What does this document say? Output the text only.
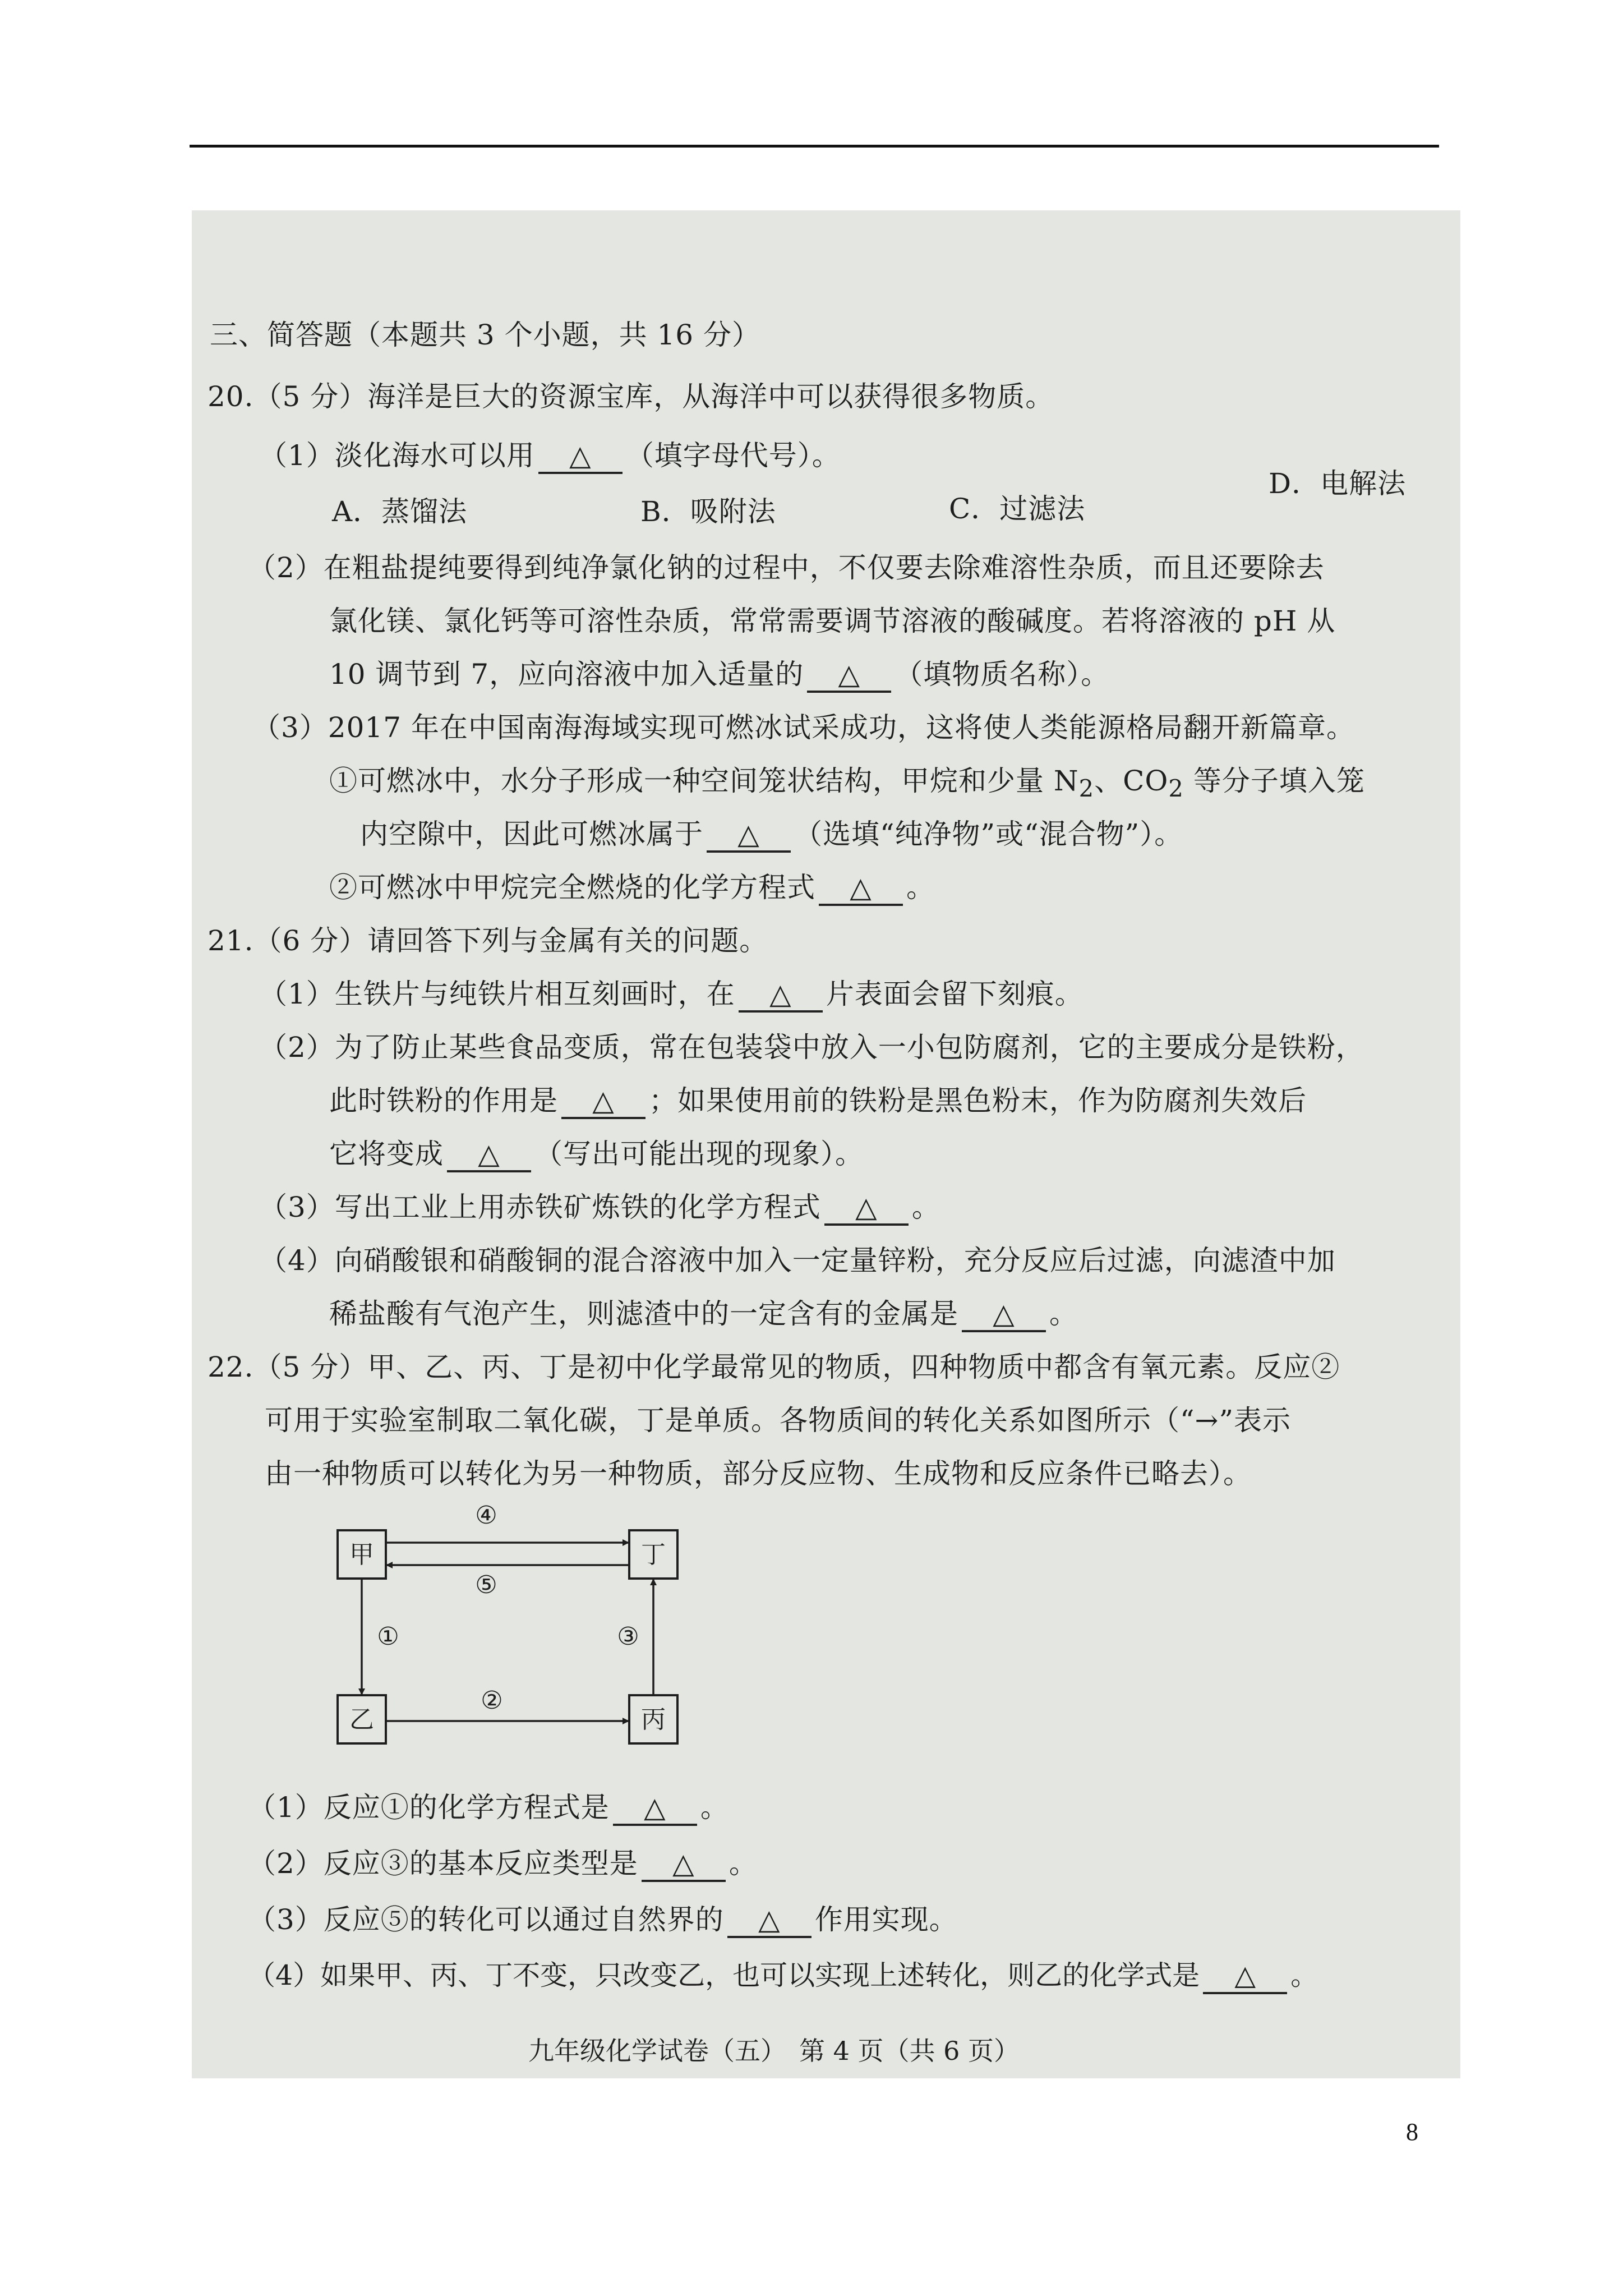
三、简答题（本题共 3 个小题，共 16 分）
20.（5 分）海洋是巨大的资源宝库，从海洋中可以获得很多物质。
（1）淡化海水可以用 △ （填字母代号）。
D．电解法
A．蒸馏法	B．吸附法	C．过滤法
（2）在粗盐提纯要得到纯净氯化钠的过程中，不仅要去除难溶性杂质，而且还要除去
氯化镁、氯化钙等可溶性杂质，常常需要调节溶液的酸碱度。若将溶液的 pH 从
10 调节到 7，应向溶液中加入适量的 △ （填物质名称）。
（3）2017 年在中国南海海域实现可燃冰试采成功，这将使人类能源格局翻开新篇章。
①可燃冰中，水分子形成一种空间笼状结构，甲烷和少量 $N_2$、$CO_2$ 等分子填入笼
内空隙中，因此可燃冰属于 △ （选填“纯净物”或“混合物”）。
②可燃冰中甲烷完全燃烧的化学方程式 △ 。
21.（6 分）请回答下列与金属有关的问题。
（1）生铁片与纯铁片相互刻画时，在 △ 片表面会留下刻痕。
（2）为了防止某些食品变质，常在包装袋中放入一小包防腐剂，它的主要成分是铁粉，
此时铁粉的作用是 △ ；如果使用前的铁粉是黑色粉末，作为防腐剂失效后
它将变成 △ （写出可能出现的现象）。
（3）写出工业上用赤铁矿炼铁的化学方程式 △ 。
（4）向硝酸银和硝酸铜的混合溶液中加入一定量锌粉，充分反应后过滤，向滤渣中加
稀盐酸有气泡产生，则滤渣中的一定含有的金属是 △ 。
22.（5 分）甲、乙、丙、丁是初中化学最常见的物质，四种物质中都含有氧元素。反应②
可用于实验室制取二氧化碳，丁是单质。各物质间的转化关系如图所示（“→”表示
由一种物质可以转化为另一种物质，部分反应物、生成物和反应条件已略去）。
甲	丁
乙	丙
④
⑤
①
②
③
（1）反应①的化学方程式是 △ 。
（2）反应③的基本反应类型是 △ 。
（3）反应⑤的转化可以通过自然界的 △ 作用实现。
（4）如果甲、丙、丁不变，只改变乙，也可以实现上述转化，则乙的化学式是 △ 。
九年级化学试卷（五）　第 4 页（共 6 页）
8
